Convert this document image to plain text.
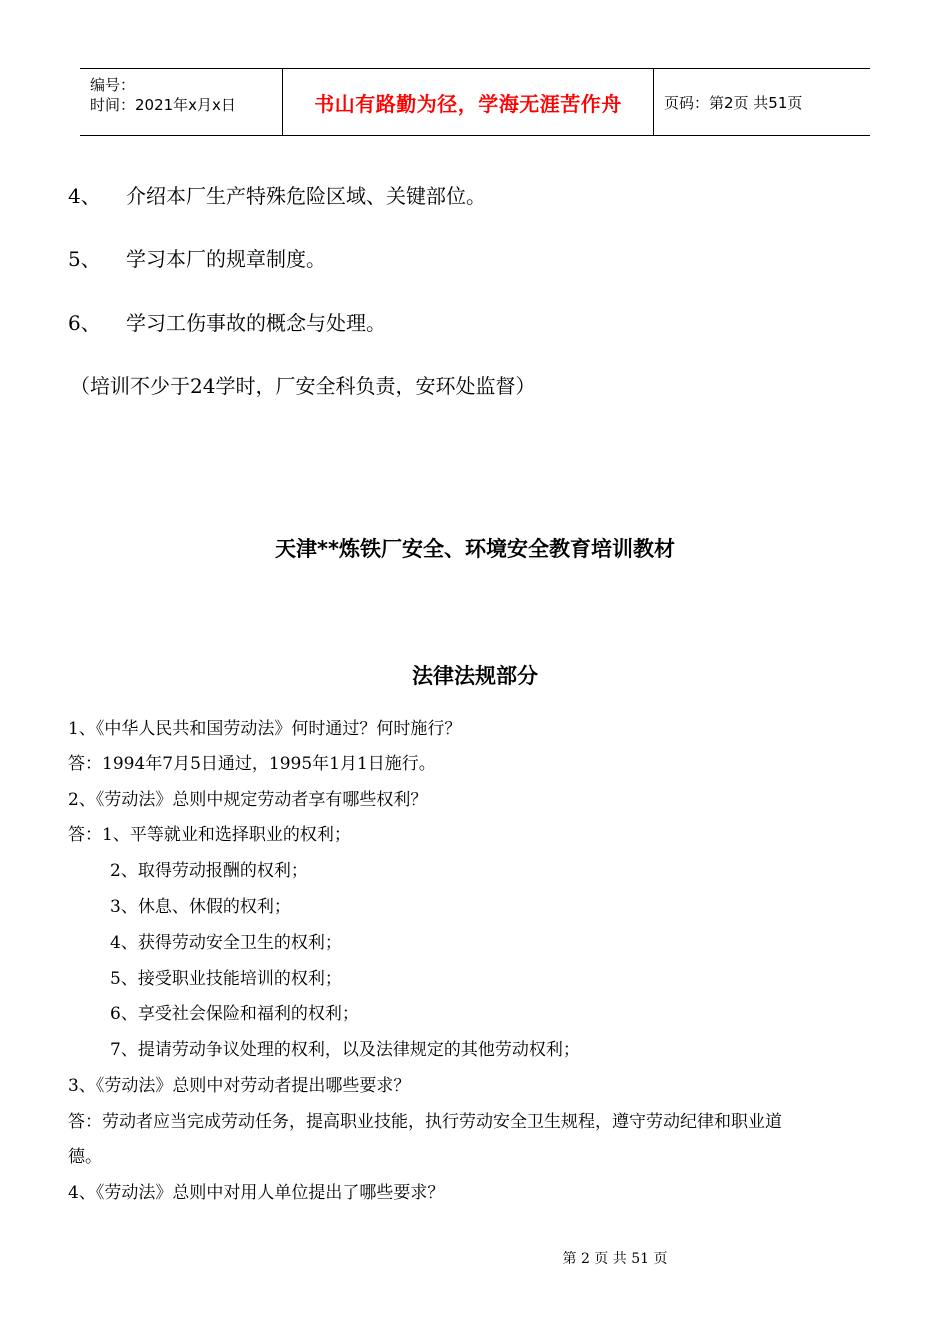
编号：
时间：2021年x月x日	书山有路勤为径，学海无涯苦作舟	页码：第2页 共51页
4、 介绍本厂生产特殊危险区域、关键部位。
5、 学习本厂的规章制度。
6、 学习工伤事故的概念与处理。
（培训不少于24学时，厂安全科负责，安环处监督）
天津**炼铁厂安全、环境安全教育培训教材
法律法规部分
1、《中华人民共和国劳动法》何时通过？何时施行？
答：1994年7月5日通过，1995年1月1日施行。
2、《劳动法》总则中规定劳动者享有哪些权利？
答：1、平等就业和选择职业的权利；
2、取得劳动报酬的权利；
3、休息、休假的权利；
4、获得劳动安全卫生的权利；
5、接受职业技能培训的权利；
6、享受社会保险和福利的权利；
7、提请劳动争议处理的权利，以及法律规定的其他劳动权利；
3、《劳动法》总则中对劳动者提出哪些要求？
答：劳动者应当完成劳动任务，提高职业技能，执行劳动安全卫生规程，遵守劳动纪律和职业道
德。
4、《劳动法》总则中对用人单位提出了哪些要求？
第 2 页 共 51 页
